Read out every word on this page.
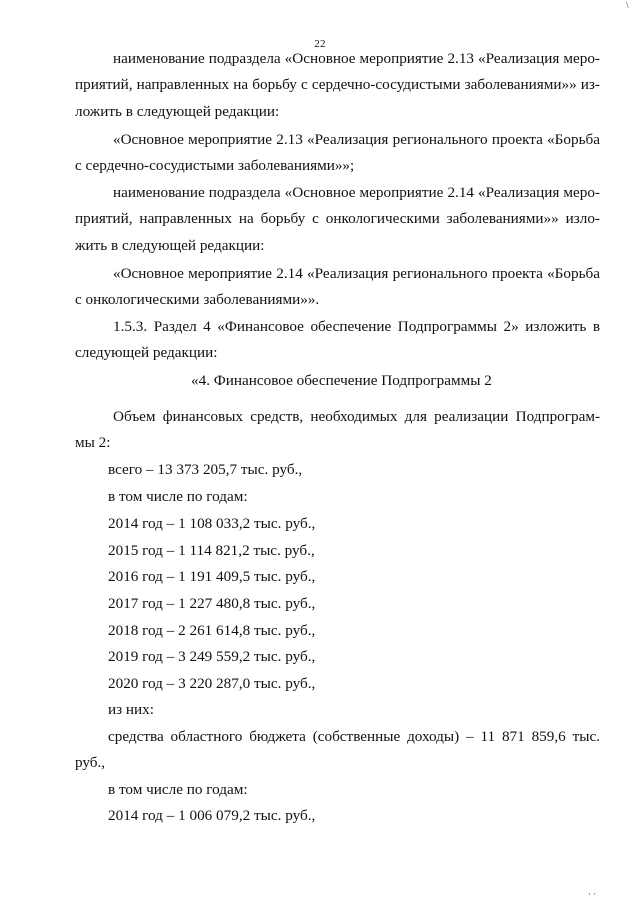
22
наименование подраздела «Основное мероприятие 2.13 «Реализация меро-
приятий, направленных на борьбу с сердечно-сосудистыми заболеваниями»» из-
ложить в следующей редакции:
«Основное мероприятие 2.13 «Реализация регионального проекта «Борьба
с сердечно-сосудистыми заболеваниями»»;
наименование подраздела «Основное мероприятие 2.14 «Реализация меро-
приятий, направленных на борьбу с онкологическими заболеваниями»» изло-
жить в следующей редакции:
«Основное мероприятие 2.14 «Реализация регионального проекта «Борьба
с онкологическими заболеваниями»».
1.5.3. Раздел 4 «Финансовое обеспечение Подпрограммы 2» изложить в
следующей редакции:
«4. Финансовое обеспечение Подпрограммы 2
Объем финансовых средств, необходимых для реализации Подпрограм-
мы 2:
всего – 13 373 205,7 тыс. руб.,
в том числе по годам:
2014 год – 1 108 033,2 тыс. руб.,
2015 год – 1 114 821,2 тыс. руб.,
2016 год – 1 191 409,5 тыс. руб.,
2017 год – 1 227 480,8 тыс. руб.,
2018 год – 2 261 614,8 тыс. руб.,
2019 год – 3 249 559,2 тыс. руб.,
2020 год – 3 220 287,0 тыс. руб.,
из них:
средства областного бюджета (собственные доходы) – 11 871 859,6 тыс.
руб.,
в том числе по годам:
2014 год – 1 006 079,2 тыс. руб.,
\
· ·
